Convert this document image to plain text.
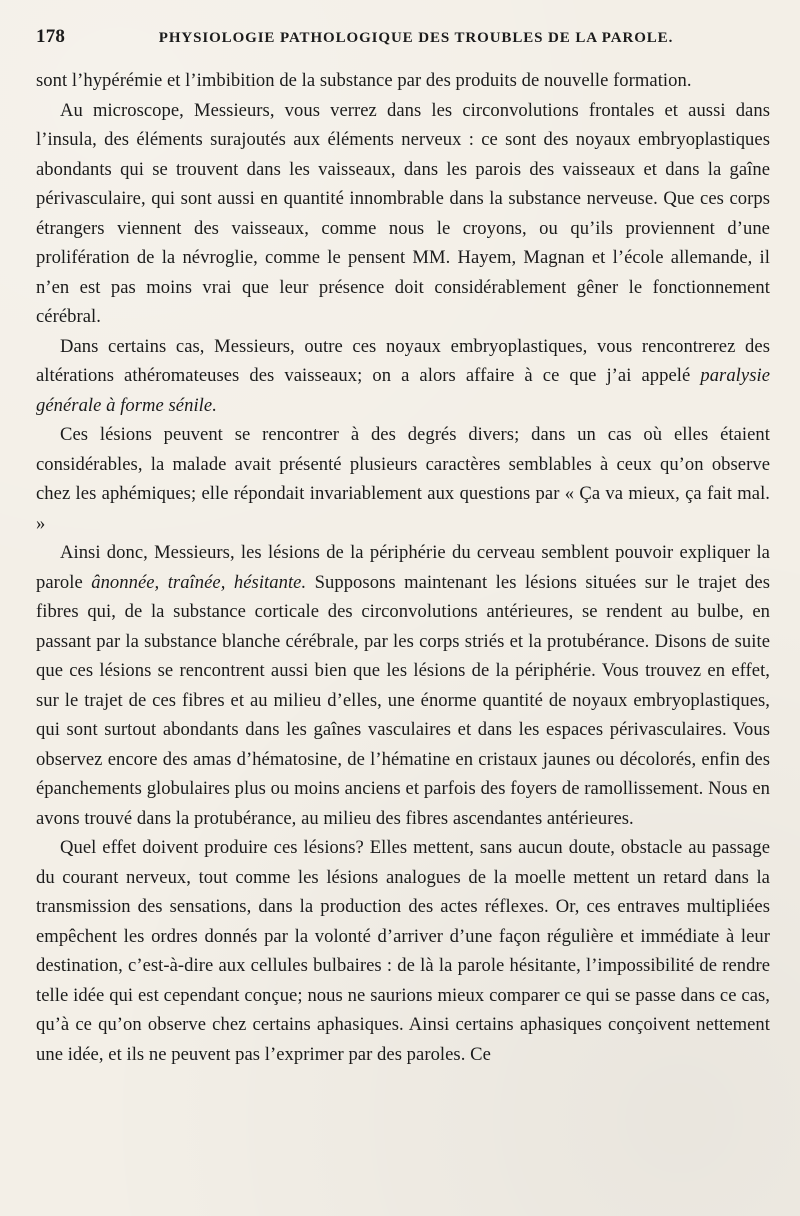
178	PHYSIOLOGIE PATHOLOGIQUE DES TROUBLES DE LA PAROLE.

sont l’hypérémie et l’imbibition de la substance par des produits de nouvelle formation.

Au microscope, Messieurs, vous verrez dans les circonvolutions frontales et aussi dans l’insula, des éléments surajoutés aux éléments nerveux : ce sont des noyaux embryoplastiques abondants qui se trouvent dans les vaisseaux, dans les parois des vaisseaux et dans la gaîne périvasculaire, qui sont aussi en quantité innombrable dans la substance nerveuse. Que ces corps étrangers viennent des vaisseaux, comme nous le croyons, ou qu’ils proviennent d’une prolifération de la névroglie, comme le pensent MM. Hayem, Magnan et l’école allemande, il n’en est pas moins vrai que leur présence doit considérablement gêner le fonctionnement cérébral.

Dans certains cas, Messieurs, outre ces noyaux embryoplastiques, vous rencontrerez des altérations athéromateuses des vaisseaux; on a alors affaire à ce que j’ai appelé paralysie générale à forme sénile.

Ces lésions peuvent se rencontrer à des degrés divers; dans un cas où elles étaient considérables, la malade avait présenté plusieurs caractères semblables à ceux qu’on observe chez les aphémiques; elle répondait invariablement aux questions par « Ça va mieux, ça fait mal. »

Ainsi donc, Messieurs, les lésions de la périphérie du cerveau semblent pouvoir expliquer la parole ânonnée, traînée, hésitante. Supposons maintenant les lésions situées sur le trajet des fibres qui, de la substance corticale des circonvolutions antérieures, se rendent au bulbe, en passant par la substance blanche cérébrale, par les corps striés et la protubérance. Disons de suite que ces lésions se rencontrent aussi bien que les lésions de la périphérie. Vous trouvez en effet, sur le trajet de ces fibres et au milieu d’elles, une énorme quantité de noyaux embryoplastiques, qui sont surtout abondants dans les gaînes vasculaires et dans les espaces périvasculaires. Vous observez encore des amas d’hématosine, de l’hématine en cristaux jaunes ou décolorés, enfin des épanchements globulaires plus ou moins anciens et parfois des foyers de ramollissement. Nous en avons trouvé dans la protubérance, au milieu des fibres ascendantes antérieures.

Quel effet doivent produire ces lésions? Elles mettent, sans aucun doute, obstacle au passage du courant nerveux, tout comme les lésions analogues de la moelle mettent un retard dans la transmission des sensations, dans la production des actes réflexes. Or, ces entraves multipliées empêchent les ordres donnés par la volonté d’arriver d’une façon régulière et immédiate à leur destination, c’est-à-dire aux cellules bulbaires : de là la parole hésitante, l’impossibilité de rendre telle idée qui est cependant conçue; nous ne saurions mieux comparer ce qui se passe dans ce cas, qu’à ce qu’on observe chez certains aphasiques. Ainsi certains aphasiques conçoivent nettement une idée, et ils ne peuvent pas l’exprimer par des paroles. Ce
